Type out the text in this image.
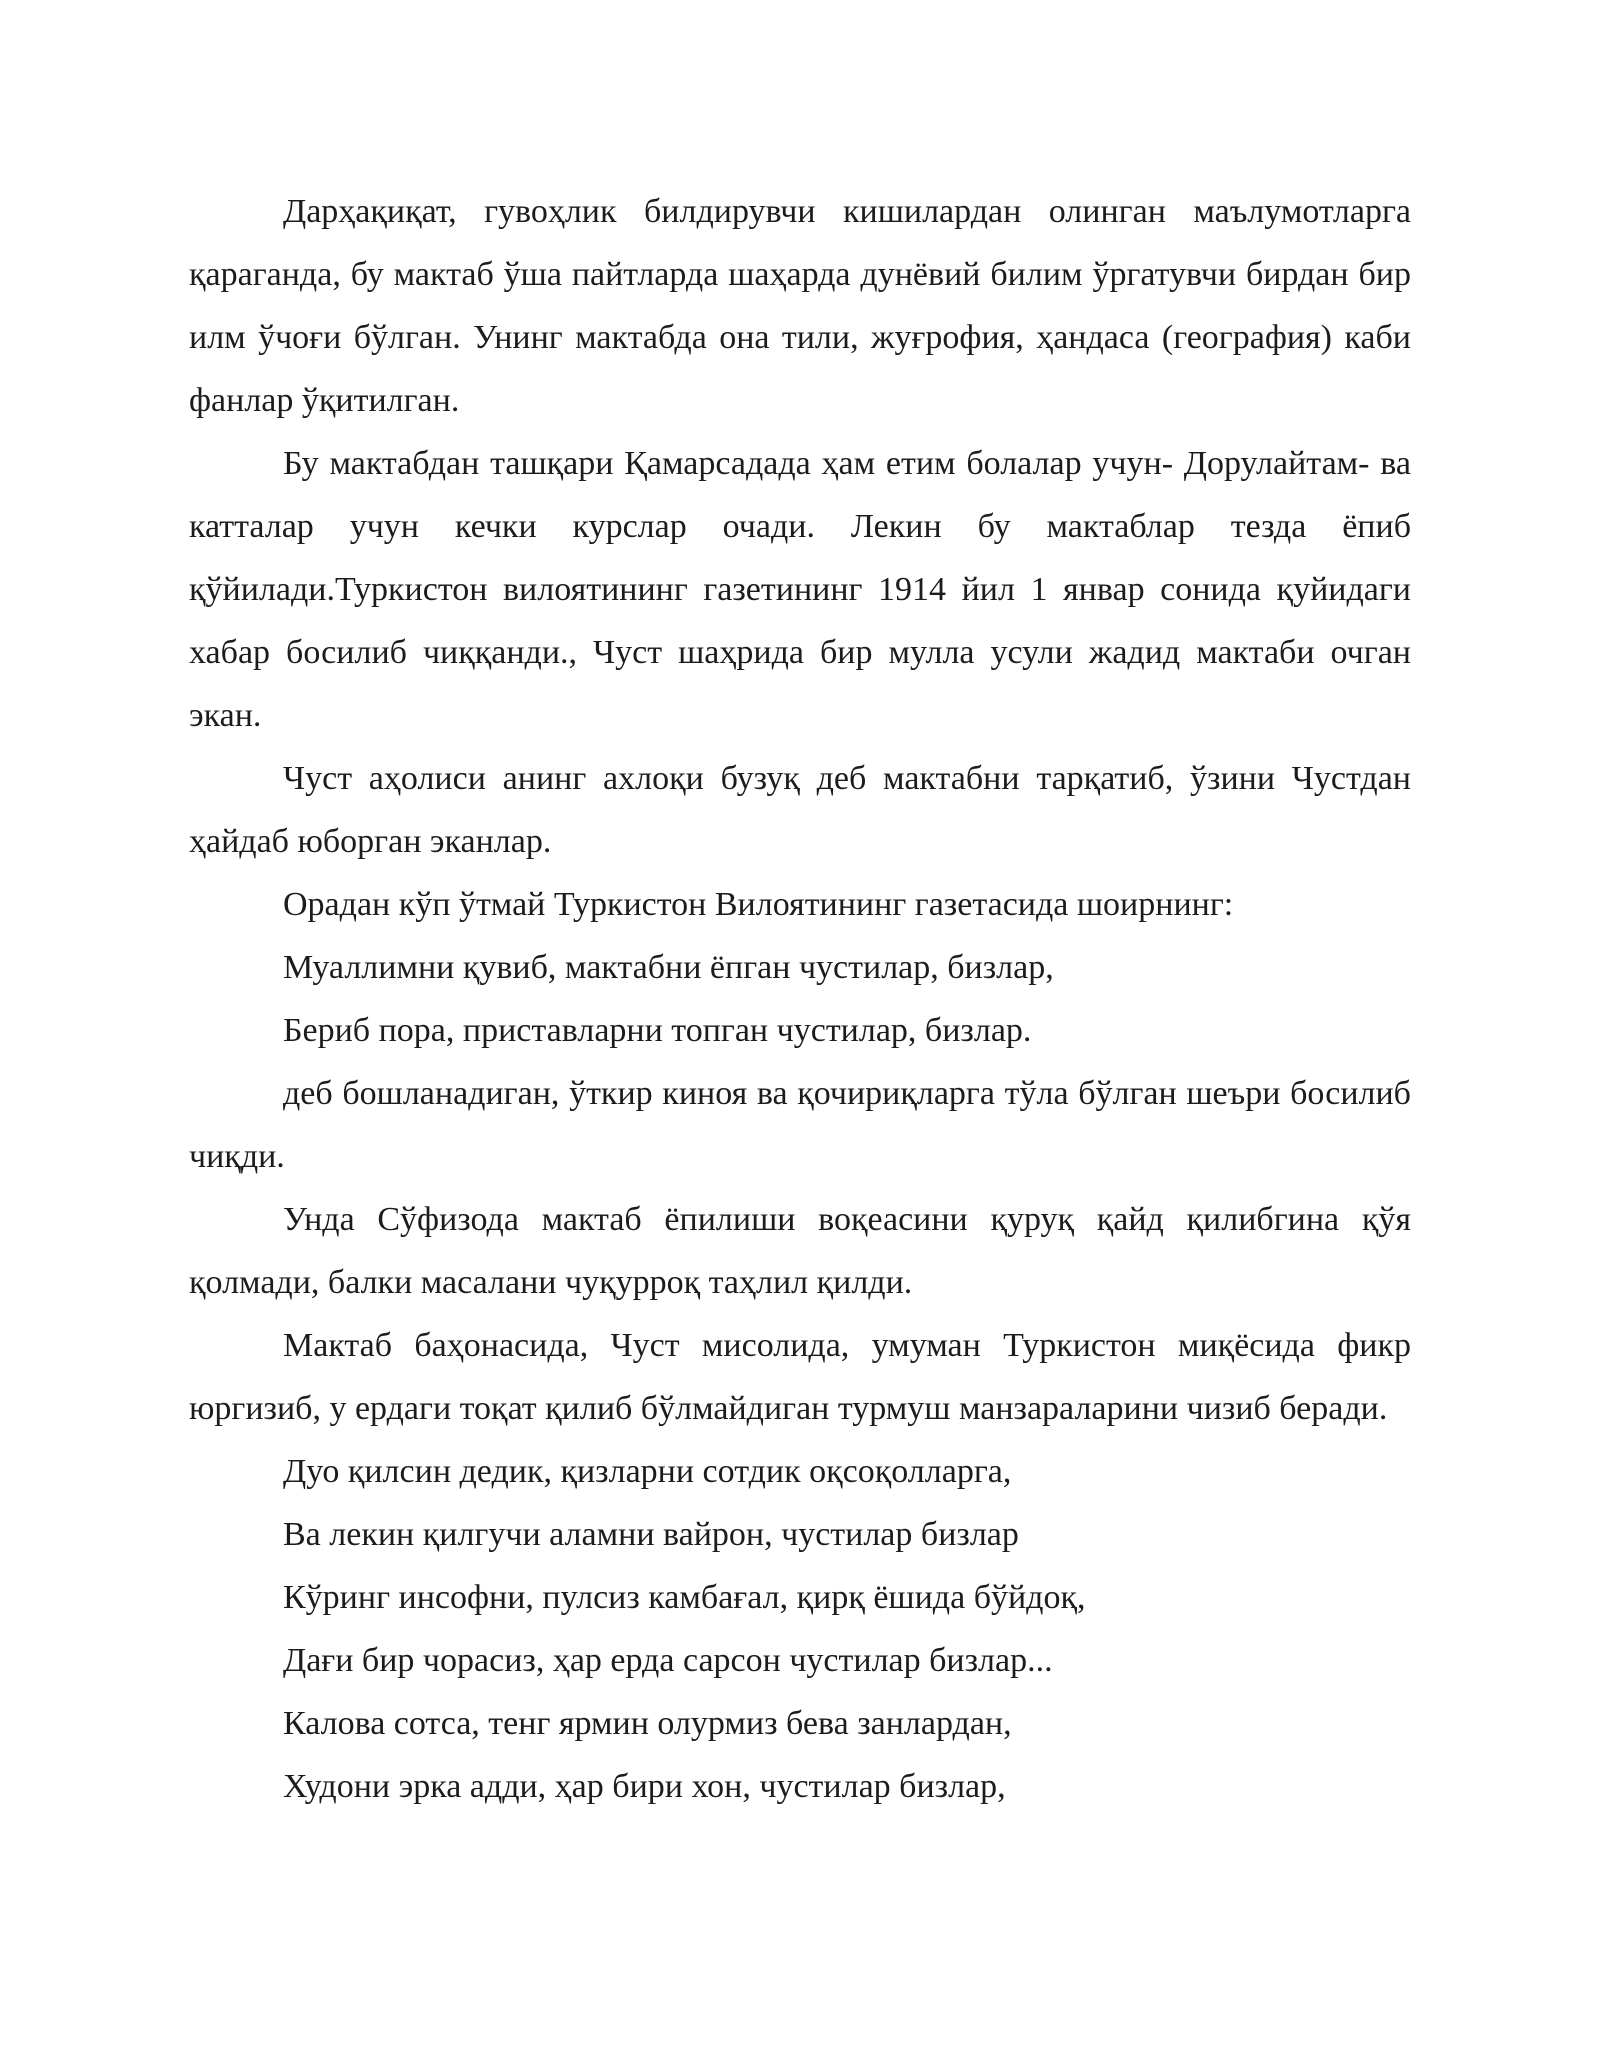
Дарҳақиқат, гувоҳлик билдирувчи кишилардан олинган маълумотларга қараганда, бу мактаб ўша пайтларда шаҳарда дунёвий билим ўргатувчи бирдан бир илм ўчоғи бўлган. Унинг мактабда она тили, жуғрофия, ҳандаса (география) каби фанлар ўқитилган.

Бу мактабдан ташқари Қамарсадада ҳам етим болалар учун- Дорулайтам- ва катталар учун кечки курслар очади. Лекин бу мактаблар тезда ёпиб қўйилади.Туркистон вилоятининг газетининг 1914 йил 1 январ сонида қуйидаги хабар босилиб чиққанди., Чуст шаҳрида бир мулла усули жадид мактаби очган экан.

Чуст аҳолиси анинг ахлоқи бузуқ деб мактабни тарқатиб, ўзини Чустдан ҳайдаб юборган эканлар.

Орадан кўп ўтмай Туркистон Вилоятининг газетасида шоирнинг:

Муаллимни қувиб, мактабни ёпган чустилар, бизлар,

Бериб пора, приставларни топган чустилар, бизлар.

деб бошланадиган, ўткир киноя ва қочириқларга тўла бўлган шеъри босилиб чиқди.

Унда Сўфизода мактаб ёпилиши воқеасини қуруқ қайд қилибгина қўя қолмади, балки масалани чуқурроқ таҳлил қилди.

Мактаб баҳонасида, Чуст мисолида, умуман Туркистон миқёсида фикр юргизиб, у ердаги тоқат қилиб бўлмайдиган турмуш манзараларини чизиб беради.

Дуо қилсин дедик, қизларни сотдик оқсоқолларга,

Ва лекин қилгучи аламни вайрон, чустилар бизлар

Кўринг инсофни, пулсиз камбағал, қирқ ёшида бўйдоқ,

Дағи бир чорасиз, ҳар ерда сарсон чустилар бизлар...

Калова сотса, тенг ярмин олурмиз бева занлардан,

Худони эрка адди, ҳар бири хон, чустилар бизлар,
